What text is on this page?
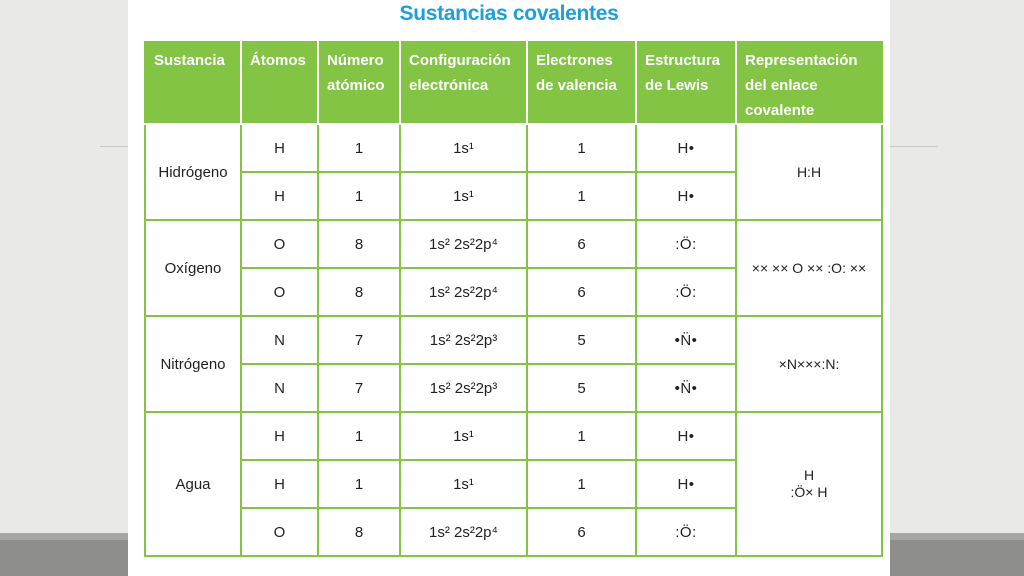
Sustancias covalentes
Sustancia	Átomos	Número atómico	Configuración electrónica	Electrones de valencia	Estructura de Lewis	Representación del enlace covalente
Hidrógeno	H	1	1s¹	1	H•	H:H
	H	1	1s¹	1	H•	
Oxígeno	O	8	1s² 2s²2p⁴	6	:Ö:	×× ×× O ×× :O: ××
	O	8	1s² 2s²2p⁴	6	:Ö:	
Nitrógeno	N	7	1s² 2s²2p³	5	•N̈•	×N×××:N:
	N	7	1s² 2s²2p³	5	•N̈•	
Agua	H	1	1s¹	1	H•	H
:Ö× H

	H	1	1s¹	1	H•	
	O	8	1s² 2s²2p⁴	6	:Ö:	
